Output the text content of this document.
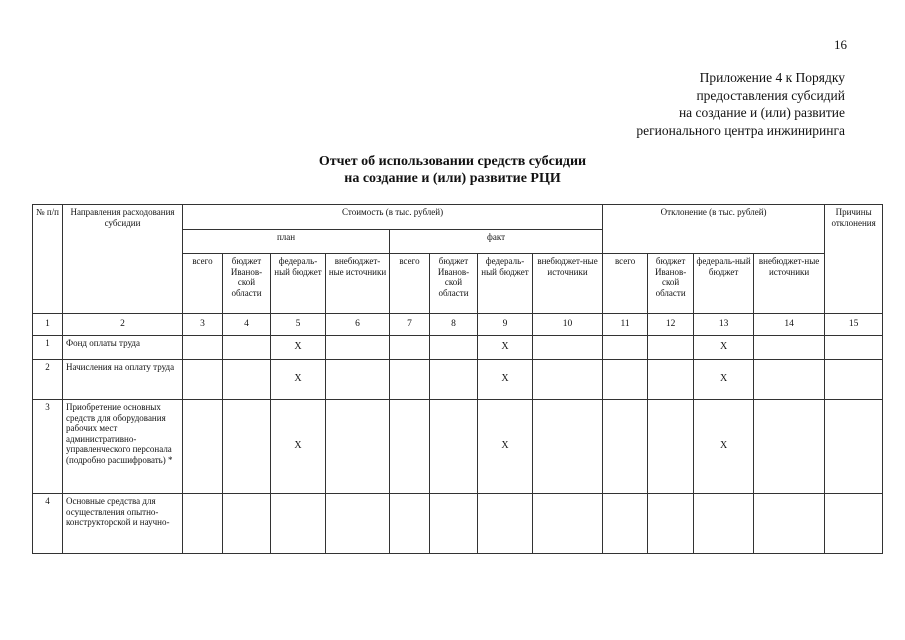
16
Приложение 4 к Порядку
предоставления субсидий
на создание и (или) развитие
регионального центра инжиниринга
Отчет об использовании средств субсидии
на создание и (или) развитие РЦИ
№ п/п	Направления расходования субсидии	Стоимость (в тыс. рублей)								Отклонение (в тыс. рублей)				Причины отклонения
		план				факт								
		всего	бюджет Иванов-ской области	федераль-ный бюджет	внебюджет-ные источники	всего	бюджет Иванов-ской области	федераль-ный бюджет	внебюджет-ные источники	всего	бюджет Иванов-ской области	федераль-ный бюджет	внебюджет-ные источники	
1	2	3	4	5	6	7	8	9	10	11	12	13	14	15
1	Фонд оплаты труда			Х				Х				Х		
2	Начисления на оплату труда			Х				Х				Х		
3	Приобретение основных средств для оборудования рабочих мест административно-управленческого персонала (подробно расшифровать) *			Х				Х				Х		
4	Основные средства для осуществления опытно-конструкторской и научно-													
